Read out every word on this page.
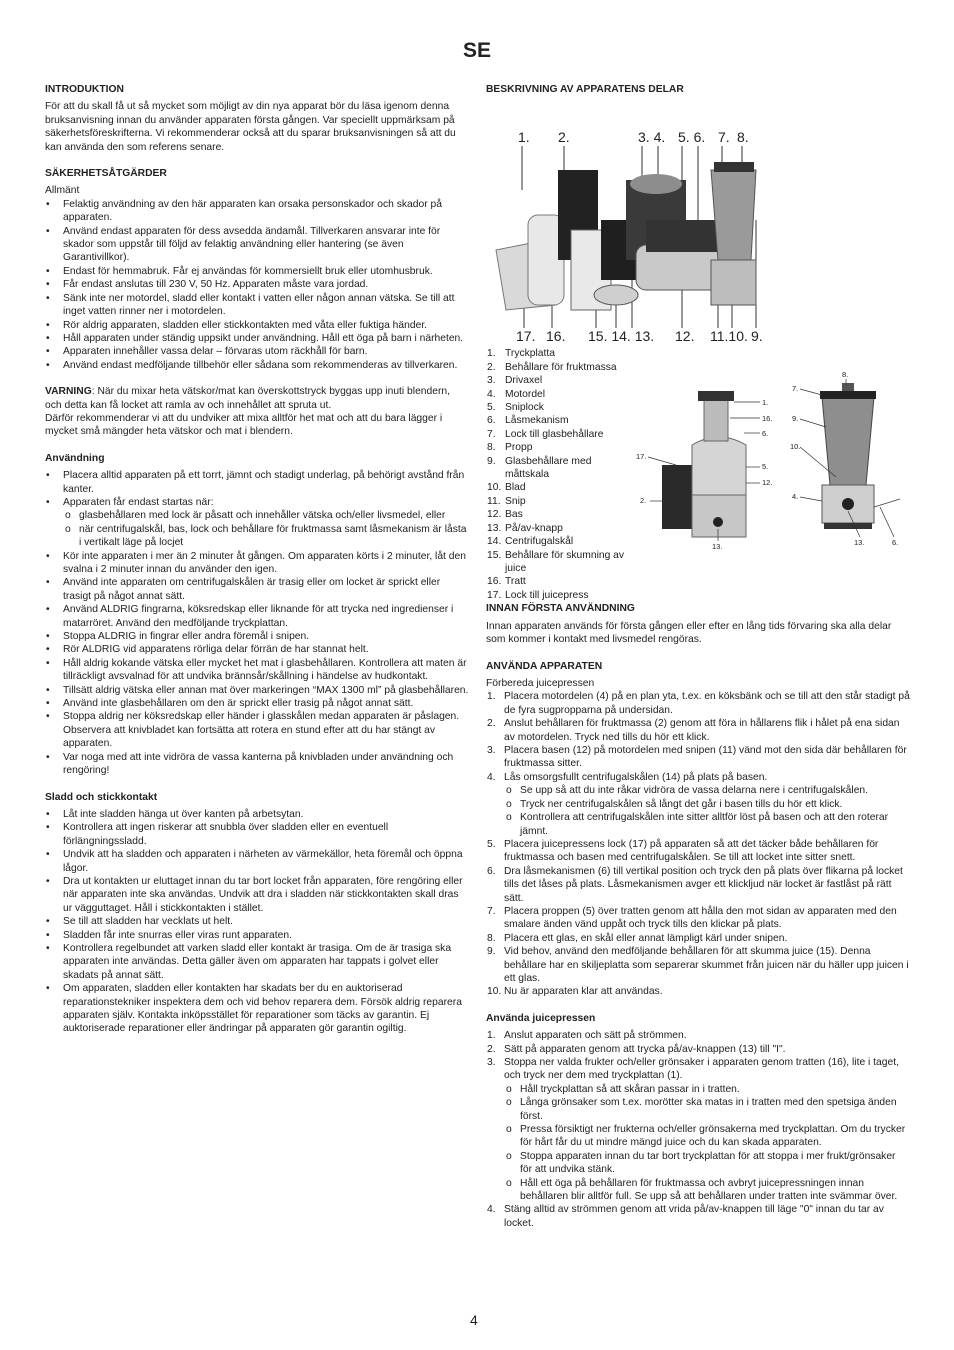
SE
INTRODUKTION

För att du skall få ut så mycket som möjligt av din nya apparat bör du läsa igenom denna bruksanvisning innan du använder apparaten första gången. Var speciellt uppmärksam på säkerhetsföreskrifterna. Vi rekommenderar också att du sparar bruksanvisningen så att du kan använda den som referens senare.

SÄKERHETSÅTGÄRDER

Allmänt

• Felaktig användning av den här apparaten kan orsaka personskador och skador på apparaten.
• Använd endast apparaten för dess avsedda ändamål. Tillverkaren ansvarar inte för skador som uppstår till följd av felaktig användning eller hantering (se även Garantivillkor).
• Endast för hemmabruk. Får ej användas för kommersiellt bruk eller utomhusbruk.
• Får endast anslutas till 230 V, 50 Hz. Apparaten måste vara jordad.
• Sänk inte ner motordel, sladd eller kontakt i vatten eller någon annan vätska. Se till att inget vatten rinner ner i motordelen.
• Rör aldrig apparaten, sladden eller stickkontakten med våta eller fuktiga händer.
• Håll apparaten under ständig uppsikt under användning. Håll ett öga på barn i närheten.
• Apparaten innehåller vassa delar – förvaras utom räckhåll för barn.
• Använd endast medföljande tillbehör eller sådana som rekommenderas av tillverkaren.

VARNING: När du mixar heta vätskor/mat kan överskottstryck byggas upp inuti blendern, och detta kan få locket att ramla av och innehållet att spruta ut.

Därför rekommenderar vi att du undviker att mixa alltför het mat och att du bara lägger i mycket små mängder heta vätskor och mat i blendern.

Användning
• Placera alltid apparaten på ett torrt, jämnt och stadigt underlag, på behörigt avstånd från kanter.
• Apparaten får endast startas när:
o glasbehållaren med lock är påsatt och innehåller vätska och/eller livsmedel, eller
o när centrifugalskål, bas, lock och behållare för fruktmassa samt låsmekanism är låsta i vertikalt läge på locjet
• Kör inte apparaten i mer än 2 minuter åt gången. Om apparaten körts i 2 minuter, låt den svalna i 2 minuter innan du använder den igen.
• Använd inte apparaten om centrifugalskålen är trasig eller om locket är sprickt eller trasigt på något annat sätt.
• Använd ALDRIG fingrarna, köksredskap eller liknande för att trycka ned ingredienser i matarröret. Använd den medföljande tryckplattan.
• Stoppa ALDRIG in fingrar eller andra föremål i snipen.
• Rör ALDRIG vid apparatens rörliga delar förrän de har stannat helt.
• Håll aldrig kokande vätska eller mycket het mat i glasbehållaren. Kontrollera att maten är tillräckligt avsvalnad för att undvika brännsår/skållning i händelse av hudkontakt.
• Tillsätt aldrig vätska eller annan mat över markeringen “MAX 1300 ml” på glasbehållaren.
• Använd inte glasbehållaren om den är sprickt eller trasig på något annat sätt.
• Stoppa aldrig ner köksredskap eller händer i glasskålen medan apparaten är påslagen. Observera att knivbladet kan fortsätta att rotera en stund efter att du har stängt av apparaten.
• Var noga med att inte vidröra de vassa kanterna på knivbladen under användning och rengöring!
Sladd och stickkontakt
• Låt inte sladden hänga ut över kanten på arbetsytan.
• Kontrollera att ingen riskerar att snubbla över sladden eller en eventuell förlängningssladd.
• Undvik att ha sladden och apparaten i närheten av värmekällor, heta föremål och öppna lågor.
• Dra ut kontakten ur eluttaget innan du tar bort locket från apparaten, före rengöring eller när apparaten inte ska användas. Undvik att dra i sladden när stickkontakten skall dras ur vägguttaget. Håll i stickkontakten i stället.
• Se till att sladden har vecklats ut helt.
• Sladden får inte snurras eller viras runt apparaten.
• Kontrollera regelbundet att varken sladd eller kontakt är trasiga. Om de är trasiga ska apparaten inte användas. Detta gäller även om apparaten har tappats i golvet eller skadats på annat sätt.
• Om apparaten, sladden eller kontakten har skadats ber du en auktoriserad reparationstekniker inspektera dem och vid behov reparera dem. Försök aldrig reparera apparaten själv. Kontakta inköpsstället för reparationer som täcks av garantin. Ej auktoriserade reparationer eller ändringar på apparaten gör garantin ogiltig.
BESKRIVNING AV APPARATENS DELAR
1. 2.	3. 4. 5. 6. 7. 8.
17. 16. 15. 14. 13. 12. 11.10. 9.
1. Tryckplatta
2. Behållare för fruktmassa
3. Drivaxel
4. Motordel
5. Sniplock
6. Låsmekanism
7. Lock till glasbehållare
8. Propp
9. Glasbehållare med måttskala
10. Blad
11. Snip
12. Bas
13. På/av-knapp
14. Centrifugalskål
15. Behållare för skumning av juice
16. Tratt
17. Lock till juicepress
1.
16.
6.
17.
5.
12.
2.
13.
8.
7.
9.
10.
4.
13.	6.
INNAN FÖRSTA ANVÄNDNING

Innan apparaten används för första gången eller efter en lång tids förvaring ska alla delar som kommer i kontakt med livsmedel rengöras.

ANVÄNDA APPARATEN

Förbereda juicepressen

1. Placera motordelen (4) på en plan yta, t.ex. en köksbänk och se till att den står stadigt på de fyra sugpropparna på undersidan.
2. Anslut behållaren för fruktmassa (2) genom att föra in hållarens flik i hålet på ena sidan av motordelen. Tryck ned tills du hör ett klick.
3. Placera basen (12) på motordelen med snipen (11) vänd mot den sida där behållaren för fruktmassa sitter.
4. Lås omsorgsfullt centrifugalskålen (14) på plats på basen.
o Se upp så att du inte råkar vidröra de vassa delarna nere i centrifugalskålen.
o Tryck ner centrifugalskålen så långt det går i basen tills du hör ett klick.
o Kontrollera att centrifugalskålen inte sitter alltför löst på basen och att den roterar jämnt.
5. Placera juicepressens lock (17) på apparaten så att det täcker både behållaren för fruktmassa och basen med centrifugalskålen. Se till att locket inte sitter snett.
6. Dra låsmekanismen (6) till vertikal position och tryck den på plats över flikarna på locket tills det låses på plats. Låsmekanismen avger ett klickljud när locket är fastlåst på rätt sätt.
7. Placera proppen (5) över tratten genom att hålla den mot sidan av apparaten med den smalare änden vänd uppåt och tryck tills den klickar på plats.
8. Placera ett glas, en skål eller annat lämpligt kärl under snipen.
9. Vid behov, använd den medföljande behållaren för att skumma juice (15). Denna behållare har en skiljeplatta som separerar skummet från juicen när du häller upp juicen i ett glas.
10. Nu är apparaten klar att användas.
Använda juicepressen
1. Anslut apparaten och sätt på strömmen.
2. Sätt på apparaten genom att trycka på/av-knappen (13) till "I".
3. Stoppa ner valda frukter och/eller grönsaker i apparaten genom tratten (16), lite i taget, och tryck ner dem med tryckplattan (1).
o Håll tryckplattan så att skåran passar in i tratten.
o Långa grönsaker som t.ex. morötter ska matas in i tratten med den spetsiga änden först.
o Pressa försiktigt ner frukterna och/eller grönsakerna med tryckplattan. Om du trycker för hårt får du ut mindre mängd juice och du kan skada apparaten.
o Stoppa apparaten innan du tar bort tryckplattan för att stoppa i mer frukt/grönsaker för att undvika stänk.
o Håll ett öga på behållaren för fruktmassa och avbryt juicepressningen innan behållaren blir alltför full. Se upp så att behållaren under tratten inte svämmar över.
4. Stäng alltid av strömmen genom att vrida på/av-knappen till läge "0" innan du tar av locket.
4
